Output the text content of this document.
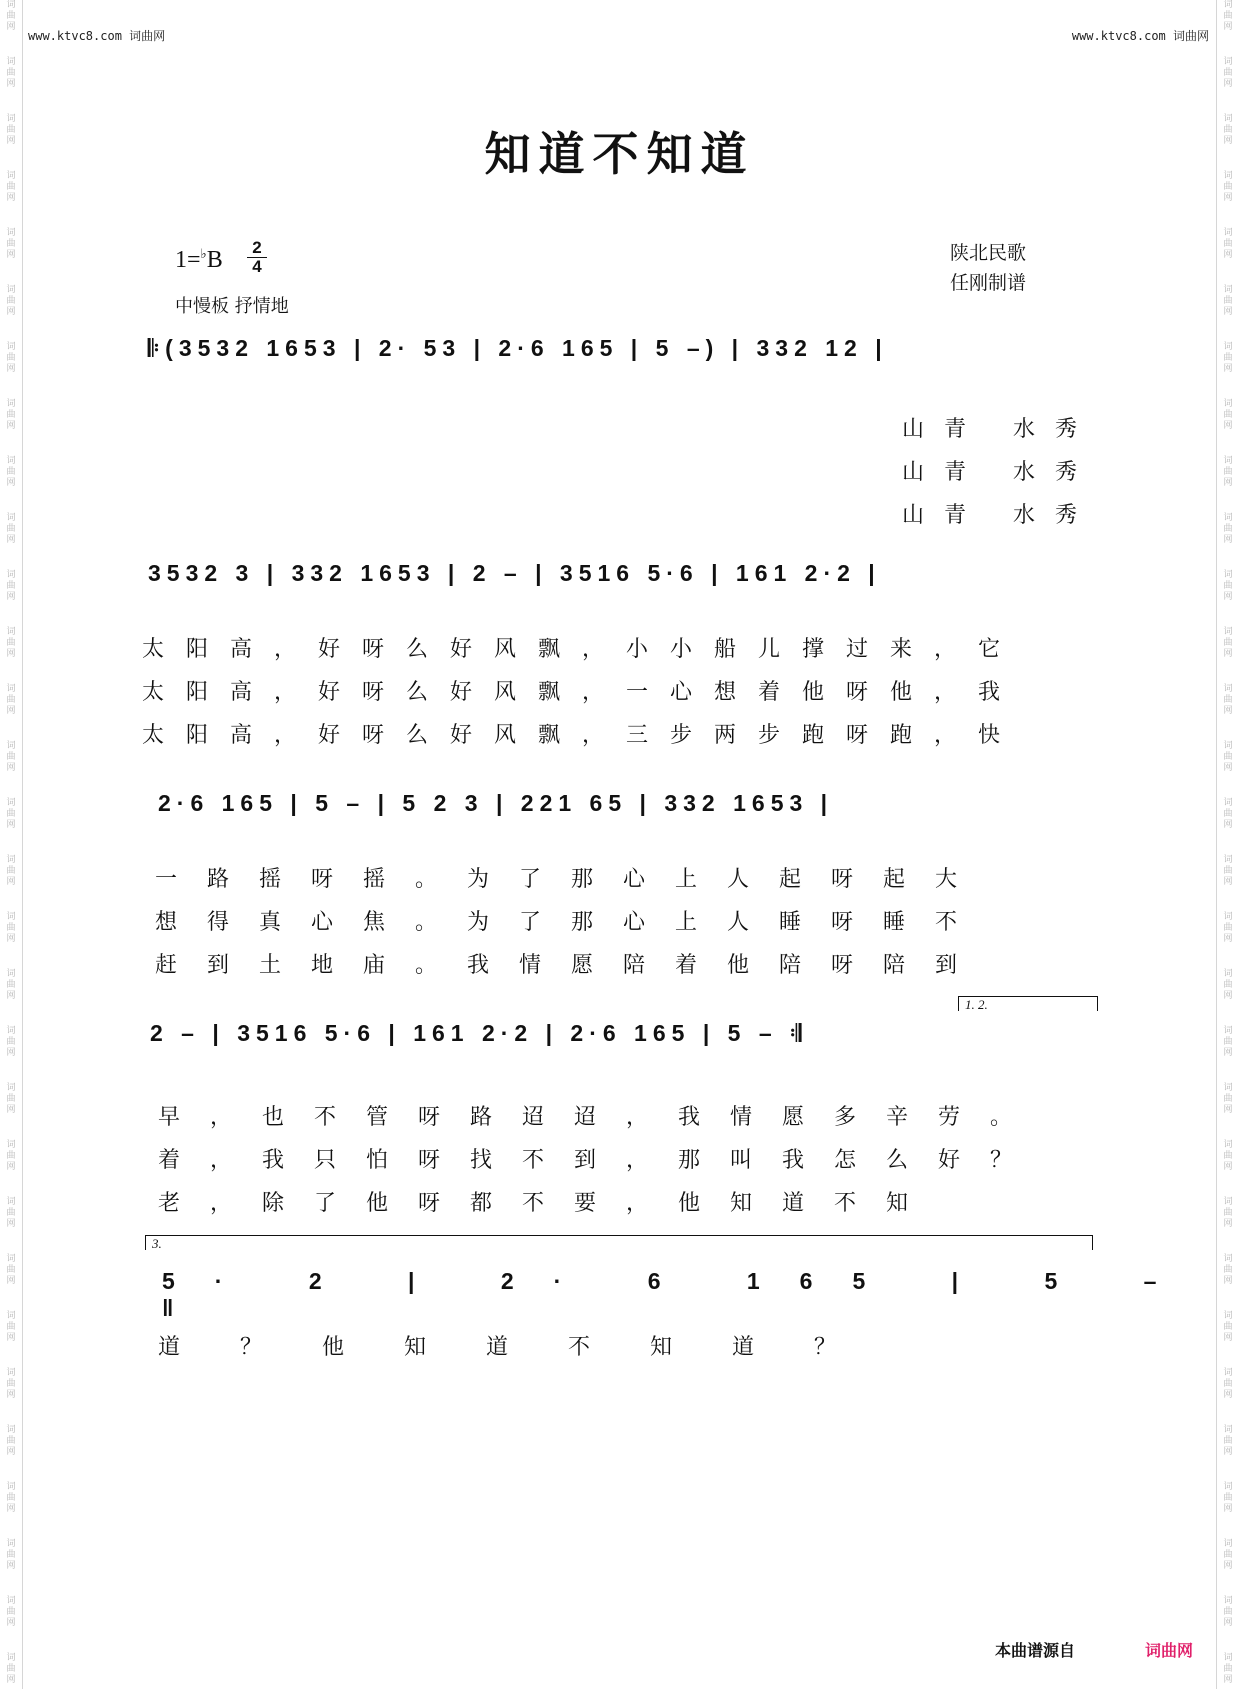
词曲网
词曲网
词曲网
词曲网
词曲网
词曲网
词曲网
词曲网
词曲网
词曲网
词曲网
词曲网
词曲网
词曲网
词曲网
词曲网
词曲网
词曲网
词曲网
词曲网
词曲网
词曲网
词曲网
词曲网
词曲网
词曲网
词曲网
词曲网
词曲网
词曲网
词曲网
词曲网
词曲网
词曲网
词曲网
词曲网
词曲网
词曲网
词曲网
词曲网
词曲网
词曲网
词曲网
词曲网
词曲网
词曲网
词曲网
词曲网
词曲网
词曲网
词曲网
词曲网
词曲网
词曲网
词曲网
词曲网
词曲网
词曲网
词曲网
词曲网
www.ktvc8.com 词曲网	www.ktvc8.com 词曲网
知道不知道
1=♭B	2
4
中慢板 抒情地
陕北民歌
任刚制谱
𝄆(3532 1653 | 2· 53 | 2·6 165 | 5 –) | 332 12 |
山青 水秀
山青 水秀
山青 水秀
3532 3 | 332 1653 | 2 – | 3516 5·6 | 161 2·2 |
太阳高，好呀么好风飘，小小船儿撑过来，它
太阳高，好呀么好风飘，一心想着他呀他，我
太阳高，好呀么好风飘，三步两步跑呀跑，快
2·6 165 | 5 – | 5 2 3 | 221 65 | 332 1653 |
一路摇呀摇。为了那心上人起呀起大
想得真心焦。为了那心上人睡呀睡不
赶到土地庙。我情愿陪着他陪呀陪到
1. 2.
2 – | 3516 5·6 | 161 2·2 | 2·6 165 | 5 – 𝄇
早，也不管呀路迢迢，我情愿多辛劳。
着，我只怕呀找不到，那叫我怎么好？
老，除了他呀都不要，他知道不知
3.
5· 2 | 2· 6 165 | 5 – ‖
道？他知道不知道？
本曲谱源自	词曲网
